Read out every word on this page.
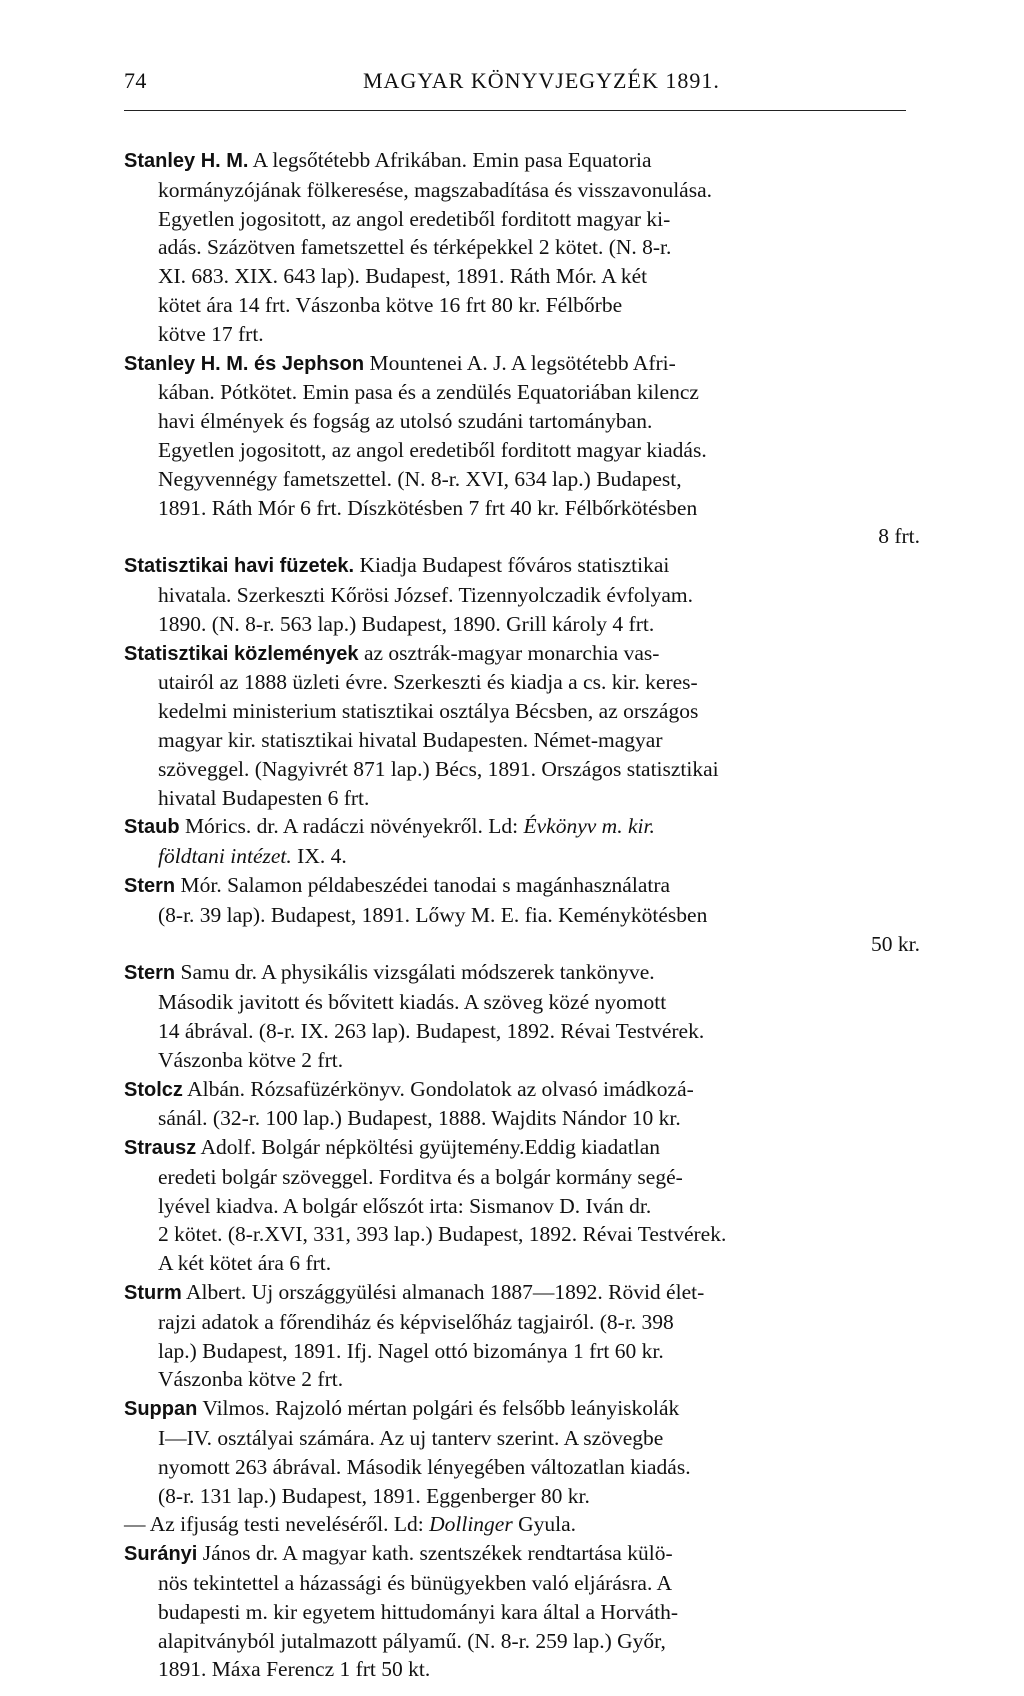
74	MAGYAR KÖNYVJEGYZÉK 1891.

Stanley H. M. A legsőtétebb Afrikában. Emin pasa Equatoria
kormányzójának fölkeresése, magszabadítása és visszavonulása.
Egyetlen jogositott, az angol eredetiből forditott magyar ki-
adás. Százötven fametszettel és térképekkel 2 kötet. (N. 8-r.
XI. 683. XIX. 643 lap). Budapest, 1891. Ráth Mór. A két
kötet ára 14 frt. Vászonba kötve 16 frt 80 kr. Félbőrbe
kötve 17 frt.

Stanley H. M. és Jephson Mountenei A. J. A legsötétebb Afri-
kában. Pótkötet. Emin pasa és a zendülés Equatoriában kilencz
havi élmények és fogság az utolsó szudáni tartományban.
Egyetlen jogositott, az angol eredetiből forditott magyar kiadás.
Negyvennégy fametszettel. (N. 8-r. XVI, 634 lap.) Budapest,
1891. Ráth Mór 6 frt. Díszkötésben 7 frt 40 kr. Félbőrkötésben
8 frt.

Statisztikai havi füzetek. Kiadja Budapest főváros statisztikai
hivatala. Szerkeszti Kőrösi József. Tizennyolczadik évfolyam.
1890. (N. 8-r. 563 lap.) Budapest, 1890. Grill károly 4 frt.

Statisztikai közlemények az osztrák-magyar monarchia vas-
utairól az 1888 üzleti évre. Szerkeszti és kiadja a cs. kir. keres-
kedelmi ministerium statisztikai osztálya Bécsben, az országos
magyar kir. statisztikai hivatal Budapesten. Német-magyar
szöveggel. (Nagyivrét 871 lap.) Bécs, 1891. Országos statisztikai
hivatal Budapesten 6 frt.

Staub Mórics. dr. A radáczi növényekről. Ld: Évkönyv m. kir.
földtani intézet. IX. 4.

Stern Mór. Salamon példabeszédei tanodai s magánhasználatra
(8-r. 39 lap). Budapest, 1891. Lőwy M. E. fia. Keménykötésben
50 kr.

Stern Samu dr. A physikális vizsgálati módszerek tankönyve.
Második javitott és bővitett kiadás. A szöveg közé nyomott
14 ábrával. (8-r. IX. 263 lap). Budapest, 1892. Révai Testvérek.
Vászonba kötve 2 frt.

Stolcz Albán. Rózsafüzérkönyv. Gondolatok az olvasó imádkozá-
sánál. (32-r. 100 lap.) Budapest, 1888. Wajdits Nándor 10 kr.

Strausz Adolf. Bolgár népköltési gyüjtemény.Eddig kiadatlan
eredeti bolgár szöveggel. Forditva és a bolgár kormány segé-
lyével kiadva. A bolgár előszót irta: Sismanov D. Iván dr.
2 kötet. (8-r.XVI, 331, 393 lap.) Budapest, 1892. Révai Testvérek.
A két kötet ára 6 frt.

Sturm Albert. Uj országgyülési almanach 1887—1892. Rövid élet-
rajzi adatok a főrendiház és képviselőház tagjairól. (8-r. 398
lap.) Budapest, 1891. Ifj. Nagel ottó bizománya 1 frt 60 kr.
Vászonba kötve 2 frt.

Suppan Vilmos. Rajzoló mértan polgári és felsőbb leányiskolák
I—IV. osztályai számára. Az uj tanterv szerint. A szövegbe
nyomott 263 ábrával. Második lényegében változatlan kiadás.
(8-r. 131 lap.) Budapest, 1891. Eggenberger 80 kr.

— Az ifjuság testi neveléséről. Ld: Dollinger Gyula.

Surányi János dr. A magyar kath. szentszékek rendtartása külö-
nös tekintettel a házassági és bünügyekben való eljárásra. A
budapesti m. kir egyetem hittudományi kara által a Horváth-
alapitványból jutalmazott pályamű. (N. 8-r. 259 lap.) Győr,
1891. Máxa Ferencz 1 frt 50 kt.
